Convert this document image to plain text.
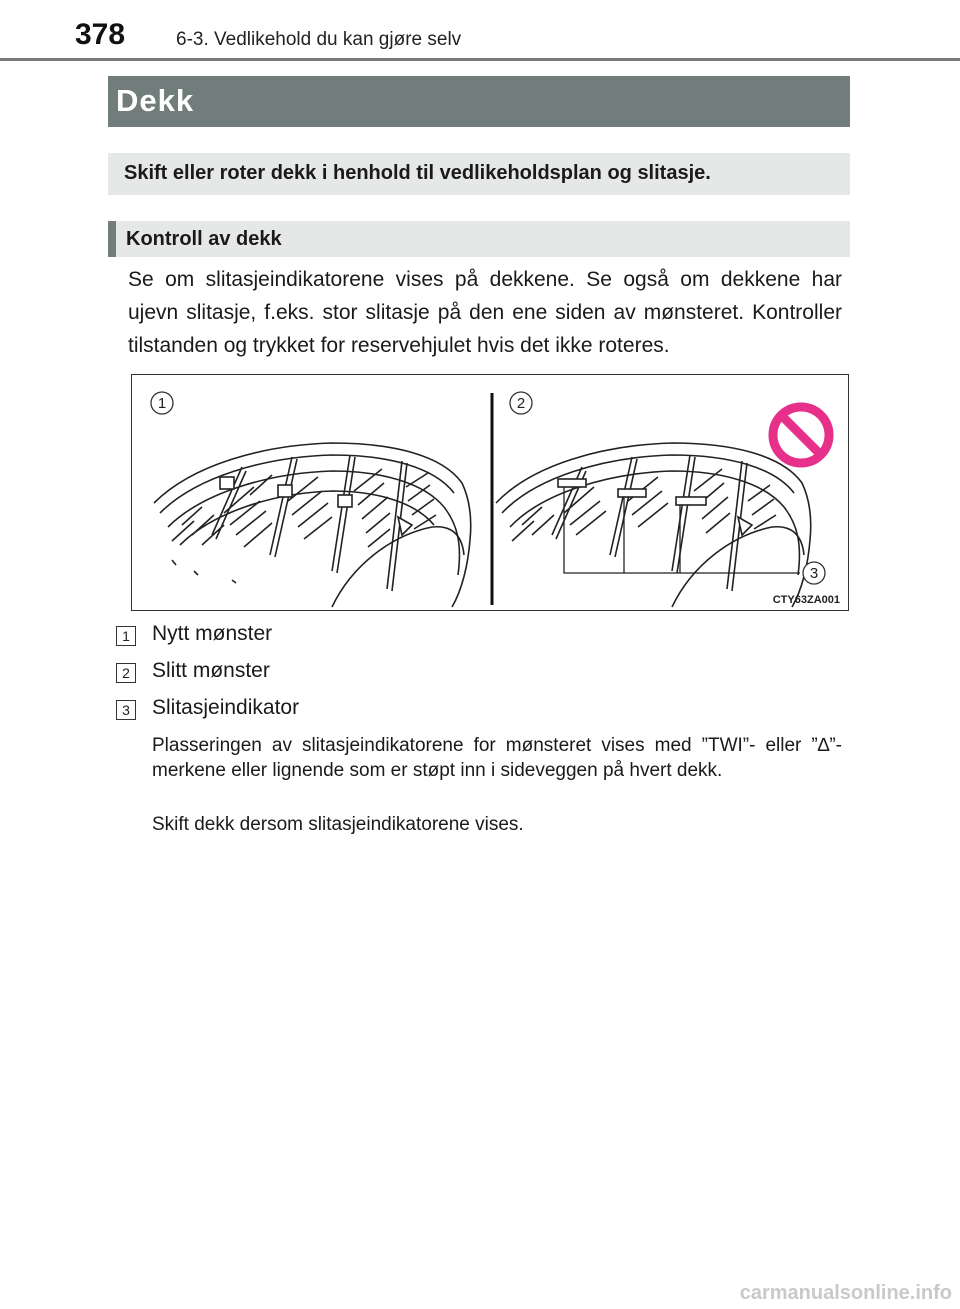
378	6-3. Vedlikehold du kan gjøre selv
Dekk
Skift eller roter dekk i henhold til vedlikeholdsplan og slitasje.
Kontroll av dekk

Se om slitasjeindikatorene vises på dekkene. Se også om dekkene har ujevn slitasje, f.eks. stor slitasje på den ene siden av mønsteret. Kontroller tilstanden og trykket for reservehjulet hvis det ikke roteres.

1	2
3
CTY63ZA001
1 Nytt mønster
2 Slitt mønster
3 Slitasjeindikator

Plasseringen av slitasjeindikatorene for mønsteret vises med ”TWI”- eller ”∆”-merkene eller lignende som er støpt inn i sideveggen på hvert dekk.

Skift dekk dersom slitasjeindikatorene vises.

carmanualsonline.info
